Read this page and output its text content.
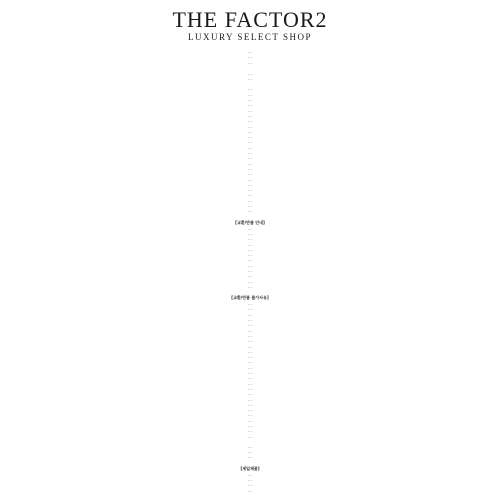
THE FACTOR2
LUXURY SELECT SHOP
…
…
…
…
…
…
…
…
…
…
…
…
…
…
…
…
…
…
…
…
…
…
…
…
…
…
…
…
…
[교환/반품 안내]
…
…
…
…
…
…
…
…
…
…
…
…
[교환/반품 불가사유]
…
…
…
…
…
…
…
…
…
…
…
…
…
…
…
…
…
…
…
…
…
…
…
…
…
…
…
…
…
[세일제품]
…
…
…
…
